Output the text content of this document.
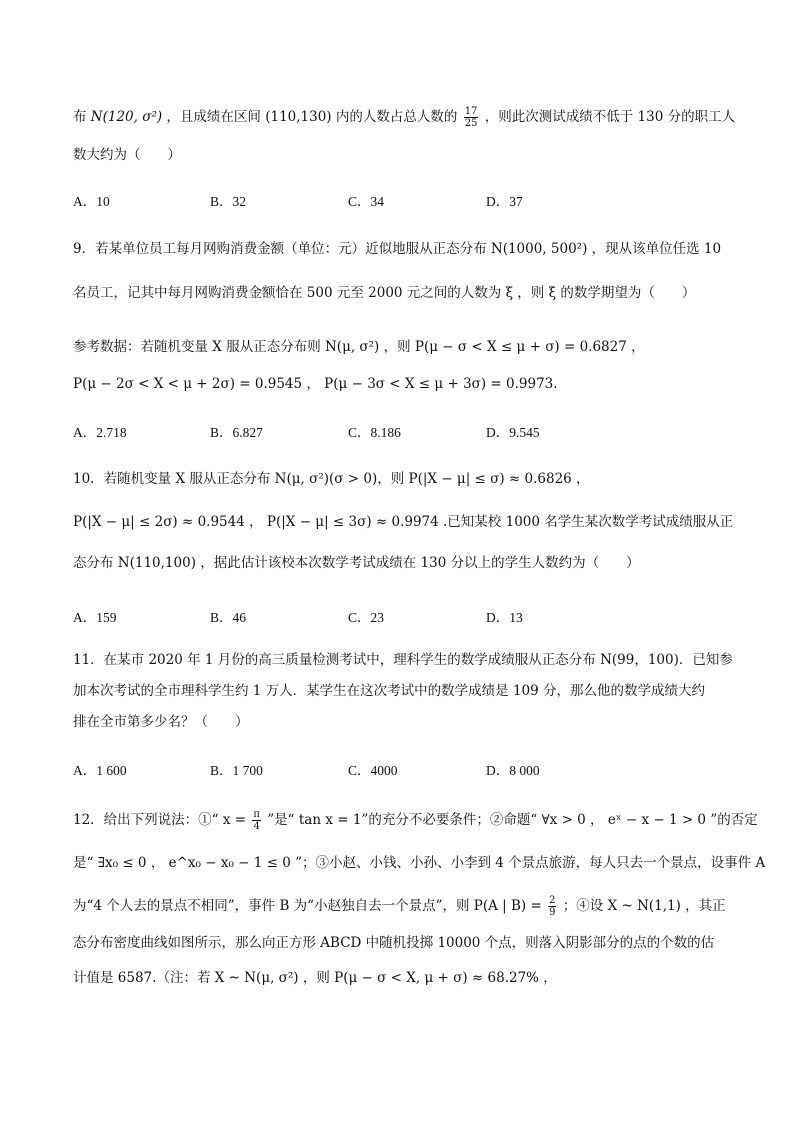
布 N(120, σ²) ，且成绩在区间 (110,130) 内的人数占总人数的 $\frac{17}{25}$ ，则此次测试成绩不低于 130 分的职工人
数大约为（　　）
A．10	B．32	C．34	D．37
9．若某单位员工每月网购消费金额（单位：元）近似地服从正态分布 N(1000, 500²) ，现从该单位任选 10
名员工，记其中每月网购消费金额恰在 500 元至 2000 元之间的人数为 ξ ，则 ξ 的数学期望为（　　）
参考数据：若随机变量 X 服从正态分布则 N(μ, σ²) ，则 P(μ − σ < X ≤ μ + σ) = 0.6827 ，
P(μ − 2σ < X < μ + 2σ) = 0.9545 ， P(μ − 3σ < X ≤ μ + 3σ) = 0.9973.
A．2.718	B．6.827	C．8.186	D．9.545
10．若随机变量 X 服从正态分布 N(μ, σ²)(σ > 0)，则 P(|X − μ| ≤ σ) ≈ 0.6826 ，
P(|X − μ| ≤ 2σ) ≈ 0.9544 ， P(|X − μ| ≤ 3σ) ≈ 0.9974 .已知某校 1000 名学生某次数学考试成绩服从正
态分布 N(110,100) ，据此估计该校本次数学考试成绩在 130 分以上的学生人数约为（　　）
A．159	B．46	C．23	D．13
11．在某市 2020 年 1 月份的高三质量检测考试中，理科学生的数学成绩服从正态分布 N(99，100)．已知参
加本次考试的全市理科学生约 1 万人．某学生在这次考试中的数学成绩是 109 分，那么他的数学成绩大约
排在全市第多少名？（　　）
A．1 600	B．1 700	C．4000	D．8 000
12．给出下列说法：①“ $x = \frac{\pi}{4}$ ”是“ tan x = 1”的充分不必要条件；②命题“ ∀x > 0 ， eˣ − x − 1 > 0 ”的否定
是“ ∃x₀ ≤ 0 ， e^x₀ − x₀ − 1 ≤ 0 ”；③小赵、小钱、小孙、小李到 4 个景点旅游，每人只去一个景点，设事件 A
为“4 个人去的景点不相同”，事件 B 为“小赵独自去一个景点”，则 P(A | $B) = \frac{2}{9}$ ；④设 X ~ N(1,1) ，其正
态分布密度曲线如图所示，那么向正方形 ABCD 中随机投掷 10000 个点，则落入阴影部分的点的个数的估
计值是 6587.（注：若 X ~ N(μ, σ²) ，则 P(μ − σ < X, μ + σ) ≈ 68.27% ，
